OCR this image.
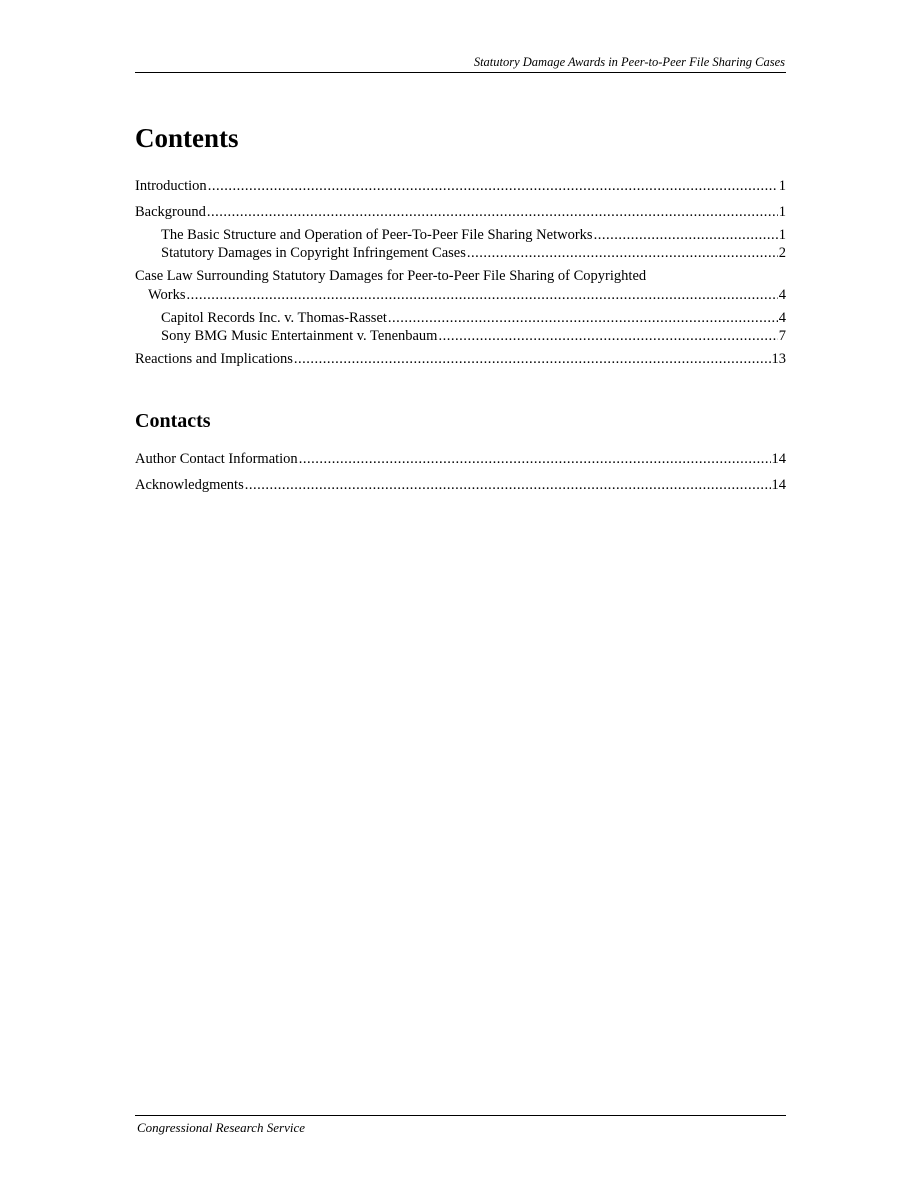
Statutory Damage Awards in Peer-to-Peer File Sharing Cases
Contents
Introduction .....	1
Background .....	1
The Basic Structure and Operation of Peer-To-Peer File Sharing Networks .....	1
Statutory Damages in Copyright Infringement Cases .....	2
Case Law Surrounding Statutory Damages for Peer-to-Peer File Sharing of Copyrighted
Works .....	4
Capitol Records Inc. v. Thomas-Rasset .....	4
Sony BMG Music Entertainment v. Tenenbaum .....	7
Reactions and Implications .....	13
Contacts
Author Contact Information .....	14
Acknowledgments .....	14
Congressional Research Service
